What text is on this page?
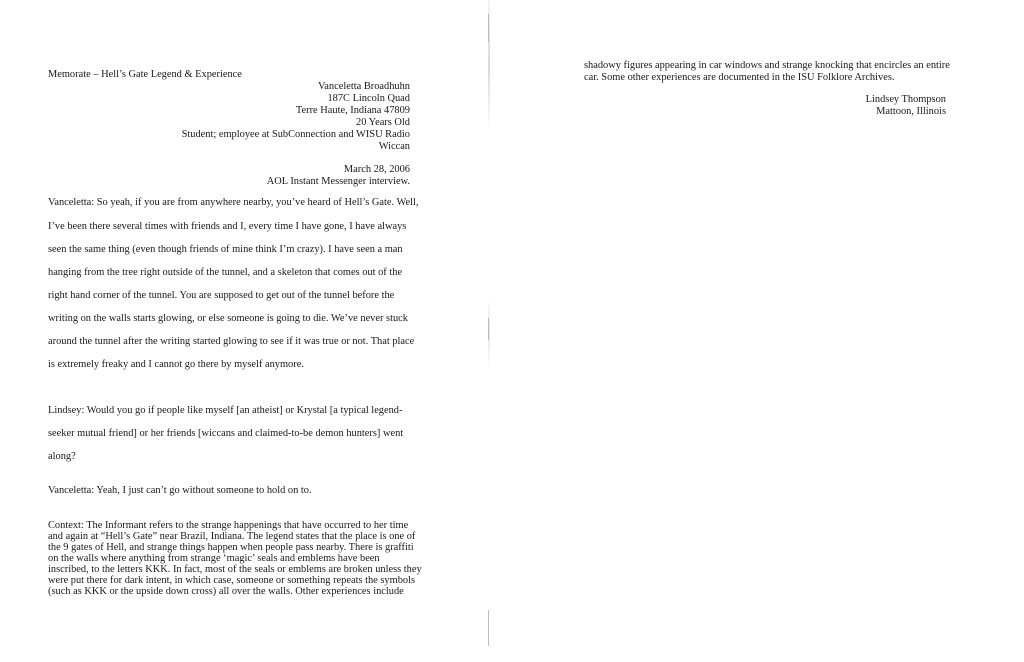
Memorate – Hell’s Gate Legend & Experience
Vanceletta Broadhuhn
187C Lincoln Quad
Terre Haute, Indiana 47809
20 Years Old
Student; employee at SubConnection and WISU Radio
Wiccan
March 28, 2006
AOL Instant Messenger interview.
Vanceletta: So yeah, if you are from anywhere nearby, you’ve heard of Hell’s Gate. Well,
I’ve been there several times with friends and I, every time I have gone, I have always
seen the same thing (even though friends of mine think I’m crazy). I have seen a man
hanging from the tree right outside of the tunnel, and a skeleton that comes out of the
right hand corner of the tunnel. You are supposed to get out of the tunnel before the
writing on the walls starts glowing, or else someone is going to die. We’ve never stuck
around the tunnel after the writing started glowing to see if it was true or not. That place
is extremely freaky and I cannot go there by myself anymore.
Lindsey: Would you go if people like myself [an atheist] or Krystal [a typical legend-
seeker mutual friend] or her friends [wiccans and claimed-to-be demon hunters] went
along?
Vanceletta: Yeah, I just can’t go without someone to hold on to.
Context: The Informant refers to the strange happenings that have occurred to her time
and again at “Hell’s Gate” near Brazil, Indiana. The legend states that the place is one of
the 9 gates of Hell, and strange things happen when people pass nearby. There is graffiti
on the walls where anything from strange ‘magic’ seals and emblems have been
inscribed, to the letters KKK. In fact, most of the seals or emblems are broken unless they
were put there for dark intent, in which case, someone or something repeats the symbols
(such as KKK or the upside down cross) all over the walls. Other experiences include
shadowy figures appearing in car windows and strange knocking that encircles an entire
car. Some other experiences are documented in the ISU Folklore Archives.
Lindsey Thompson
Mattoon, Illinois
